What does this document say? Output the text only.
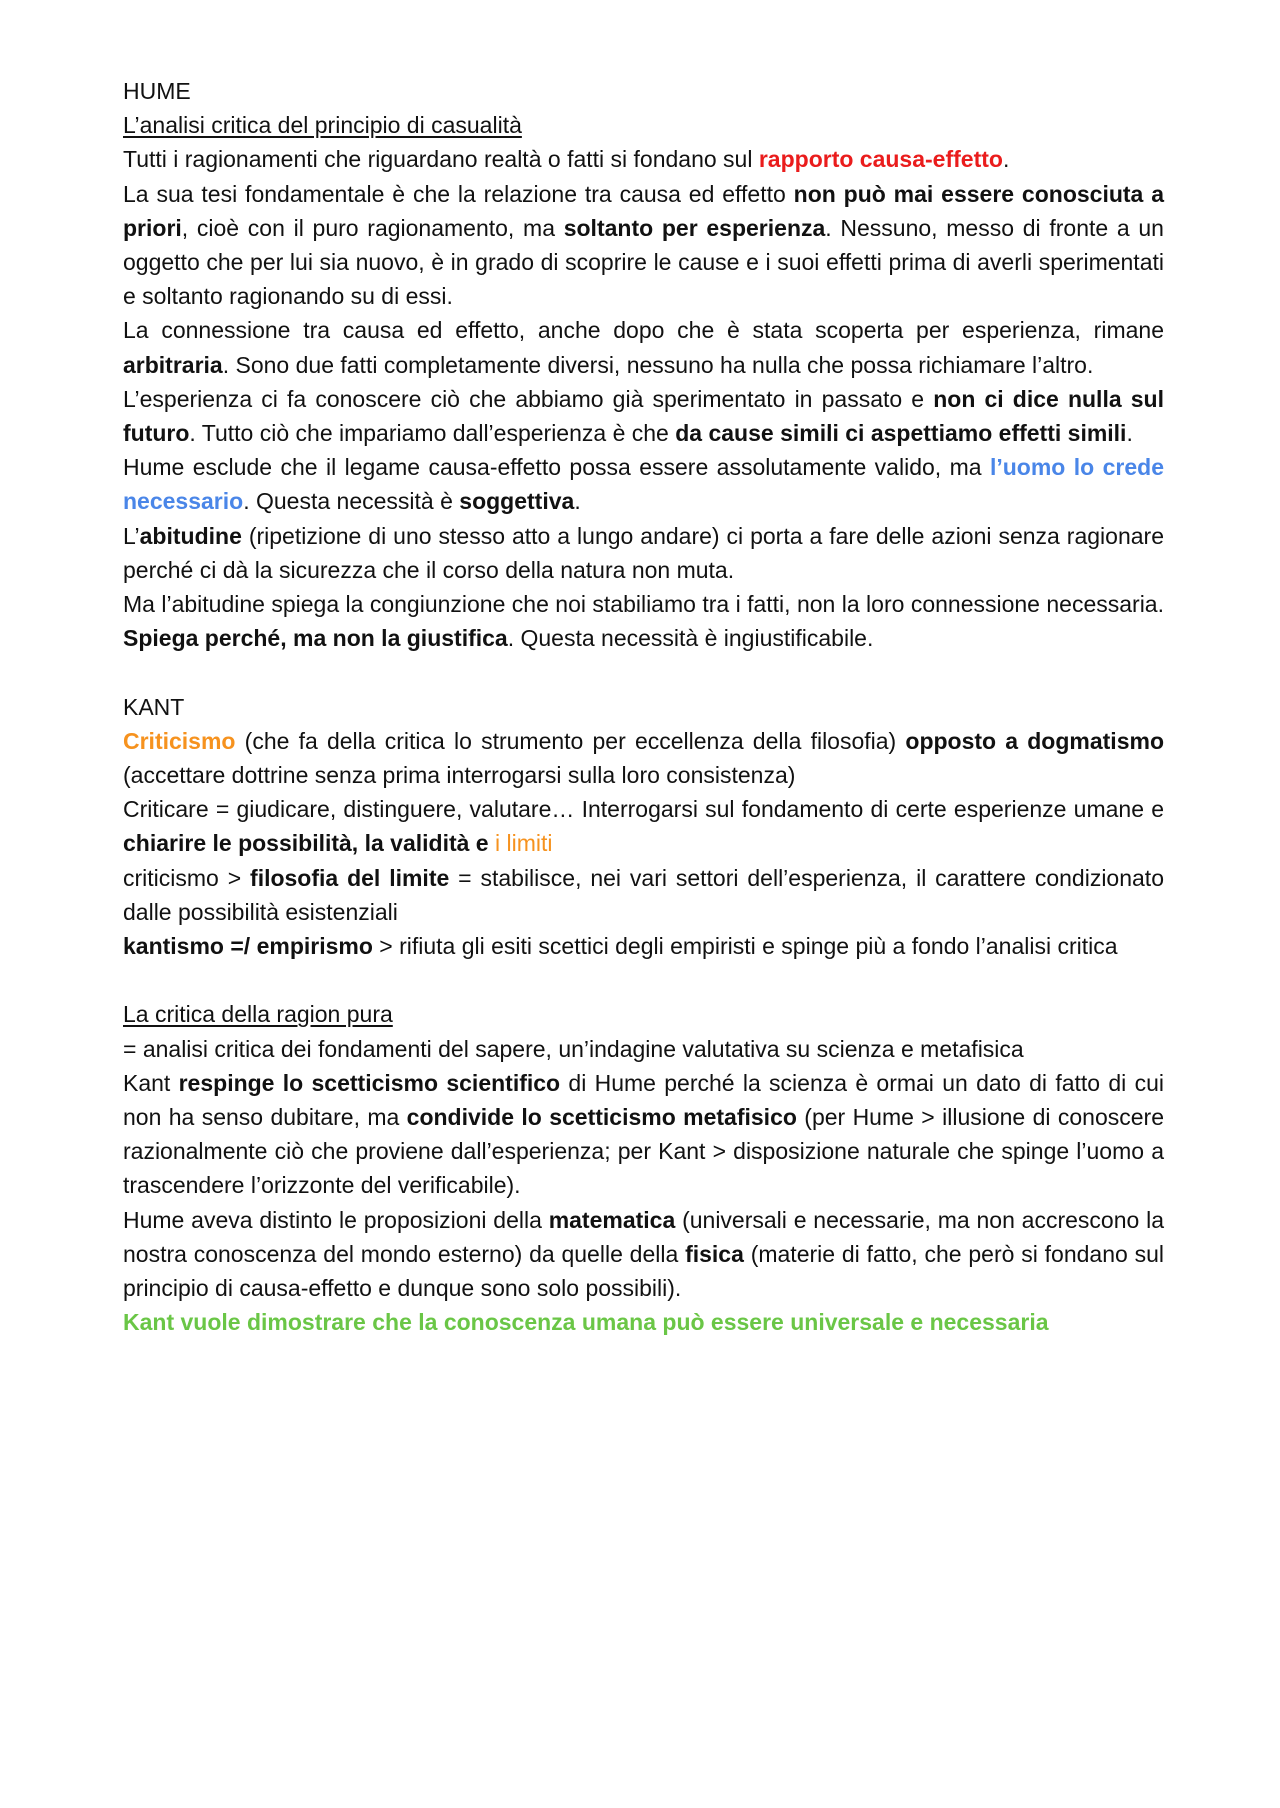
HUME

L’analisi critica del principio di casualità

Tutti i ragionamenti che riguardano realtà o fatti si fondano sul rapporto causa-effetto.

La sua tesi fondamentale è che la relazione tra causa ed effetto non può mai essere conosciuta a priori, cioè con il puro ragionamento, ma soltanto per esperienza. Nessuno, messo di fronte a un oggetto che per lui sia nuovo, è in grado di scoprire le cause e i suoi effetti prima di averli sperimentati e soltanto ragionando su di essi.

La connessione tra causa ed effetto, anche dopo che è stata scoperta per esperienza, rimane arbitraria. Sono due fatti completamente diversi, nessuno ha nulla che possa richiamare l’altro.

L’esperienza ci fa conoscere ciò che abbiamo già sperimentato in passato e non ci dice nulla sul futuro. Tutto ciò che impariamo dall’esperienza è che da cause simili ci aspettiamo effetti simili.

Hume esclude che il legame causa-effetto possa essere assolutamente valido, ma l’uomo lo crede necessario. Questa necessità è soggettiva.

L’abitudine (ripetizione di uno stesso atto a lungo andare) ci porta a fare delle azioni senza ragionare perché ci dà la sicurezza che il corso della natura non muta.

Ma l’abitudine spiega la congiunzione che noi stabiliamo tra i fatti, non la loro connessione necessaria. Spiega perché, ma non la giustifica. Questa necessità è ingiustificabile.

KANT

Criticismo (che fa della critica lo strumento per eccellenza della filosofia) opposto a dogmatismo (accettare dottrine senza prima interrogarsi sulla loro consistenza)

Criticare = giudicare, distinguere, valutare… Interrogarsi sul fondamento di certe esperienze umane e chiarire le possibilità, la validità e i limiti

criticismo > filosofia del limite = stabilisce, nei vari settori dell’esperienza, il carattere condizionato dalle possibilità esistenziali

kantismo =/ empirismo > rifiuta gli esiti scettici degli empiristi e spinge più a fondo l’analisi critica

La critica della ragion pura

= analisi critica dei fondamenti del sapere, un’indagine valutativa su scienza e metafisica

Kant respinge lo scetticismo scientifico di Hume perché la scienza è ormai un dato di fatto di cui non ha senso dubitare, ma condivide lo scetticismo metafisico (per Hume > illusione di conoscere razionalmente ciò che proviene dall’esperienza; per Kant > disposizione naturale che spinge l’uomo a trascendere l’orizzonte del verificabile).

Hume aveva distinto le proposizioni della matematica (universali e necessarie, ma non accrescono la nostra conoscenza del mondo esterno) da quelle della fisica (materie di fatto, che però si fondano sul principio di causa-effetto e dunque sono solo possibili).

Kant vuole dimostrare che la conoscenza umana può essere universale e necessaria
